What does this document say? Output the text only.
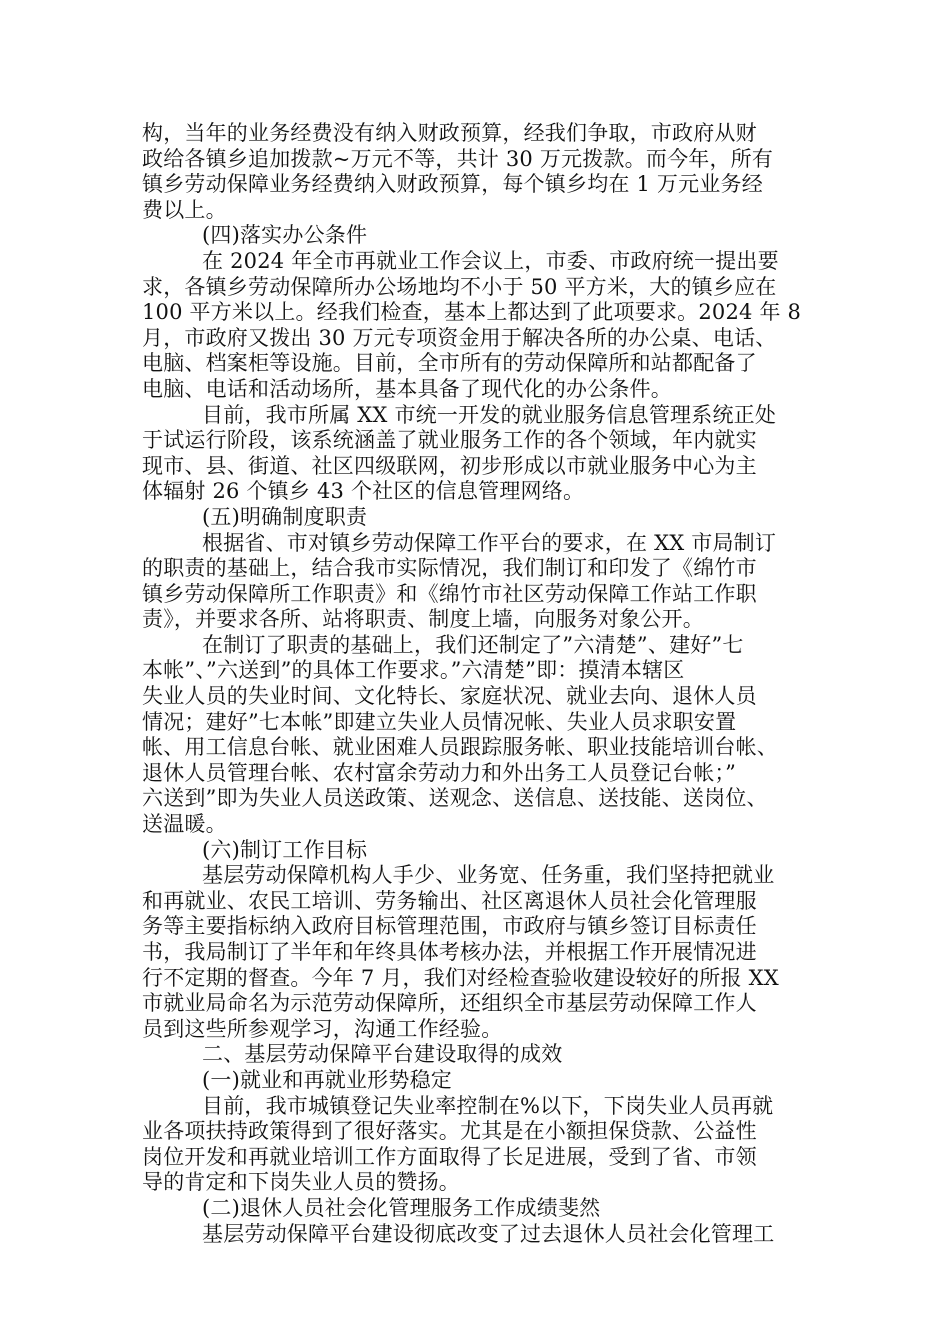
构，当年的业务经费没有纳入财政预算，经我们争取，市政府从财
政给各镇乡追加拨款~万元不等，共计 30 万元拨款。而今年，所有
镇乡劳动保障业务经费纳入财政预算，每个镇乡均在 1 万元业务经
费以上。
(四)落实办公条件
在 2024 年全市再就业工作会议上，市委、市政府统一提出要
求，各镇乡劳动保障所办公场地均不小于 50 平方米，大的镇乡应在
100 平方米以上。经我们检查，基本上都达到了此项要求。2024 年 8
月，市政府又拨出 30 万元专项资金用于解决各所的办公桌、电话、
电脑、档案柜等设施。目前，全市所有的劳动保障所和站都配备了
电脑、电话和活动场所，基本具备了现代化的办公条件。
目前，我市所属 XX 市统一开发的就业服务信息管理系统正处
于试运行阶段，该系统涵盖了就业服务工作的各个领域，年内就实
现市、县、街道、社区四级联网，初步形成以市就业服务中心为主
体辐射 26 个镇乡 43 个社区的信息管理网络。
(五)明确制度职责
根据省、市对镇乡劳动保障工作平台的要求，在 XX 市局制订
的职责的基础上，结合我市实际情况，我们制订和印发了《绵竹市
镇乡劳动保障所工作职责》和《绵竹市社区劳动保障工作站工作职
责》，并要求各所、站将职责、制度上墙，向服务对象公开。
在制订了职责的基础上，我们还制定了”六清楚”、建好”七
本帐”、”六送到”的具体工作要求。”六清楚”即：摸清本辖区
失业人员的失业时间、文化特长、家庭状况、就业去向、退休人员
情况；建好”七本帐”即建立失业人员情况帐、失业人员求职安置
帐、用工信息台帐、就业困难人员跟踪服务帐、职业技能培训台帐、
退休人员管理台帐、农村富余劳动力和外出务工人员登记台帐；”
六送到”即为失业人员送政策、送观念、送信息、送技能、送岗位、
送温暖。
(六)制订工作目标
基层劳动保障机构人手少、业务宽、任务重，我们坚持把就业
和再就业、农民工培训、劳务输出、社区离退休人员社会化管理服
务等主要指标纳入政府目标管理范围，市政府与镇乡签订目标责任
书，我局制订了半年和年终具体考核办法，并根据工作开展情况进
行不定期的督查。今年 7 月，我们对经检查验收建设较好的所报 XX
市就业局命名为示范劳动保障所，还组织全市基层劳动保障工作人
员到这些所参观学习，沟通工作经验。
二、基层劳动保障平台建设取得的成效
(一)就业和再就业形势稳定
目前，我市城镇登记失业率控制在%以下，下岗失业人员再就
业各项扶持政策得到了很好落实。尤其是在小额担保贷款、公益性
岗位开发和再就业培训工作方面取得了长足进展，受到了省、市领
导的肯定和下岗失业人员的赞扬。
(二)退休人员社会化管理服务工作成绩斐然
基层劳动保障平台建设彻底改变了过去退休人员社会化管理工
